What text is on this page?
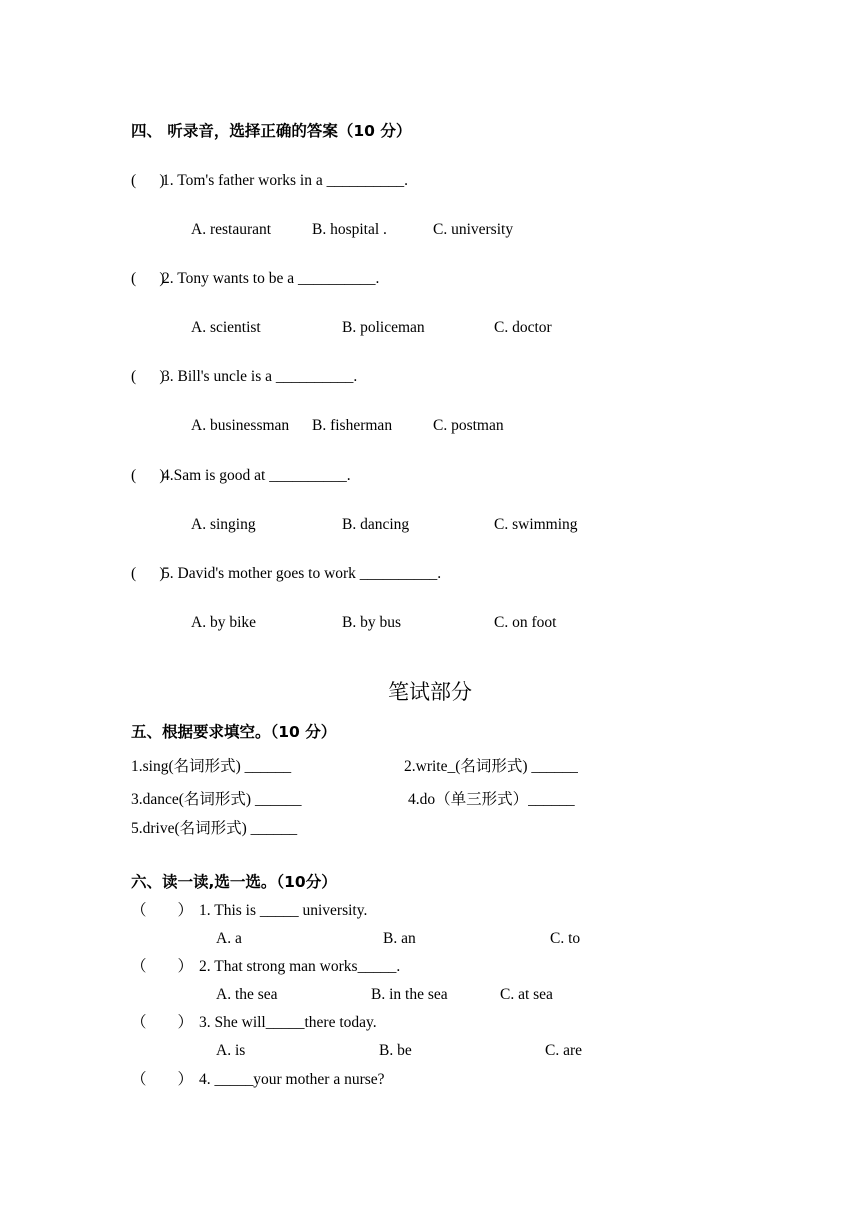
四、 听录音，选择正确的答案（10 分）
(      )
1. Tom's father works in a __________.
A. restaurant	B. hospital .	C. university
(      )
2. Tony wants to be a __________.
A. scientist	B. policeman	C. doctor
(      )
3. Bill's uncle is a __________.
A. businessman B. fisherman	C. postman
(      )
4.Sam is good at __________.
A. singing	B. dancing	C. swimming
(      )
5. David's mother goes to work __________.
A. by bike	B. by bus	C. on foot
笔试部分
五、根据要求填空。（10 分）
1.sing(名词形式) ______	2.write_(名词形式) ______
3.dance(名词形式) ______	4.do（单三形式）______
5.drive(名词形式) ______
六、读一读,选一选。（10分）
（        ） 1. This is _____ university.
A. a	B. an	C. to
（        ） 2. That strong man works_____.
A. the sea	B. in the sea	C. at sea
（        ） 3. She will_____there today.
A. is	B. be	C. are
（        ） 4. _____your mother a nurse?
